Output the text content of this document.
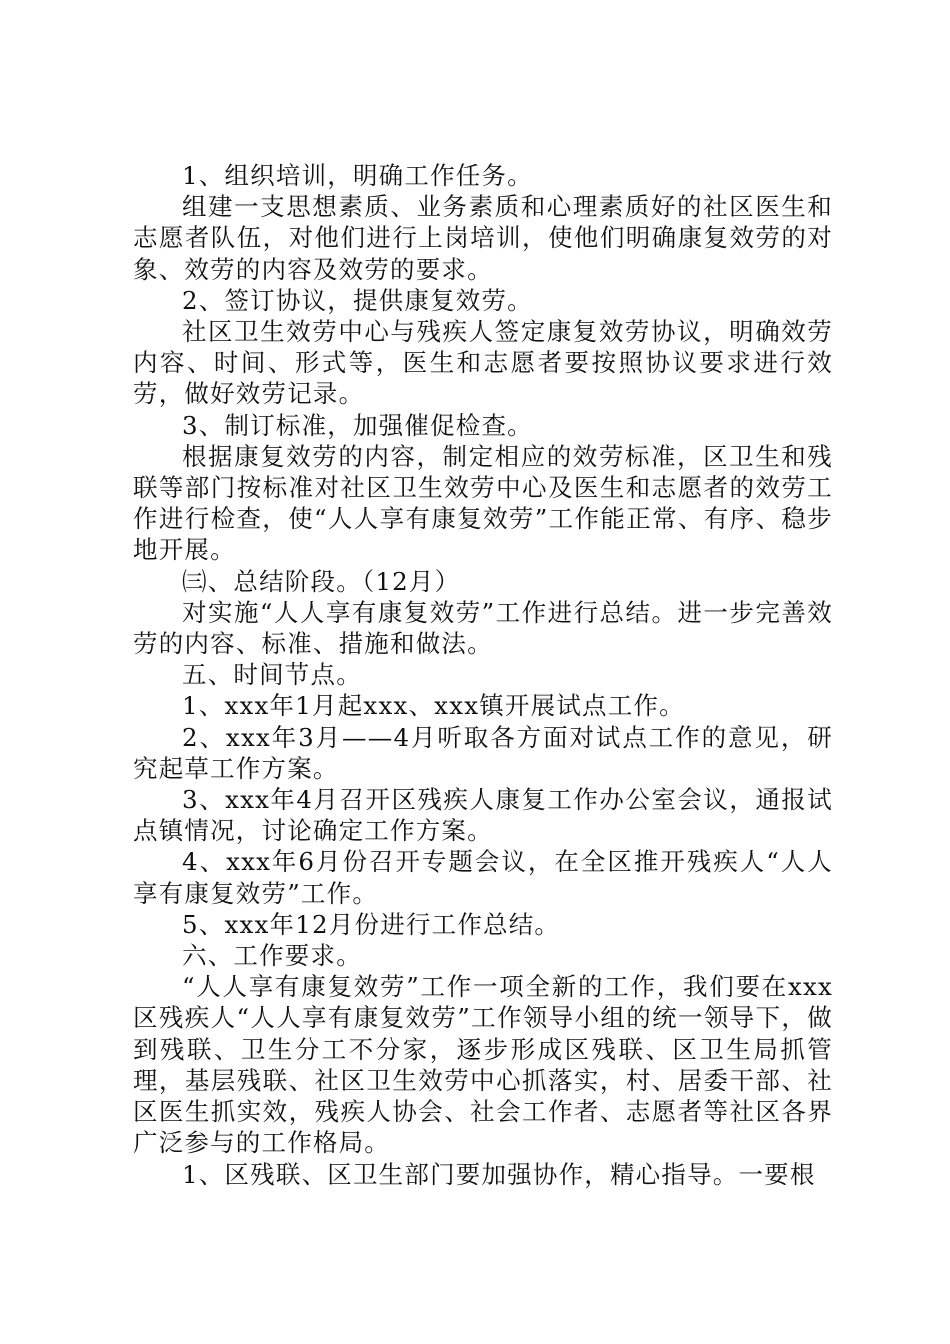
1、组织培训，明确工作任务。

组建一支思想素质、业务素质和心理素质好的社区医生和志愿者队伍，对他们进行上岗培训，使他们明确康复效劳的对象、效劳的内容及效劳的要求。

2、签订协议，提供康复效劳。

社区卫生效劳中心与残疾人签定康复效劳协议，明确效劳内容、时间、形式等，医生和志愿者要按照协议要求进行效劳，做好效劳记录。

3、制订标准，加强催促检查。

根据康复效劳的内容，制定相应的效劳标准，区卫生和残联等部门按标准对社区卫生效劳中心及医生和志愿者的效劳工作进行检查，使“人人享有康复效劳”工作能正常、有序、稳步地开展。

㈢、总结阶段。（12月）

对实施“人人享有康复效劳”工作进行总结。进一步完善效劳的内容、标准、措施和做法。

五、时间节点。

1、xxx年1月起xxx、xxx镇开展试点工作。

2、xxx年3月——4月听取各方面对试点工作的意见，研究起草工作方案。

3、xxx年4月召开区残疾人康复工作办公室会议，通报试点镇情况，讨论确定工作方案。

4、xxx年6月份召开专题会议，在全区推开残疾人“人人享有康复效劳”工作。

5、xxx年12月份进行工作总结。

六、工作要求。

“人人享有康复效劳”工作一项全新的工作，我们要在xxx区残疾人“人人享有康复效劳”工作领导小组的统一领导下，做到残联、卫生分工不分家，逐步形成区残联、区卫生局抓管理，基层残联、社区卫生效劳中心抓落实，村、居委干部、社区医生抓实效，残疾人协会、社会工作者、志愿者等社区各界广泛参与的工作格局。

1、区残联、区卫生部门要加强协作，精心指导。一要根
